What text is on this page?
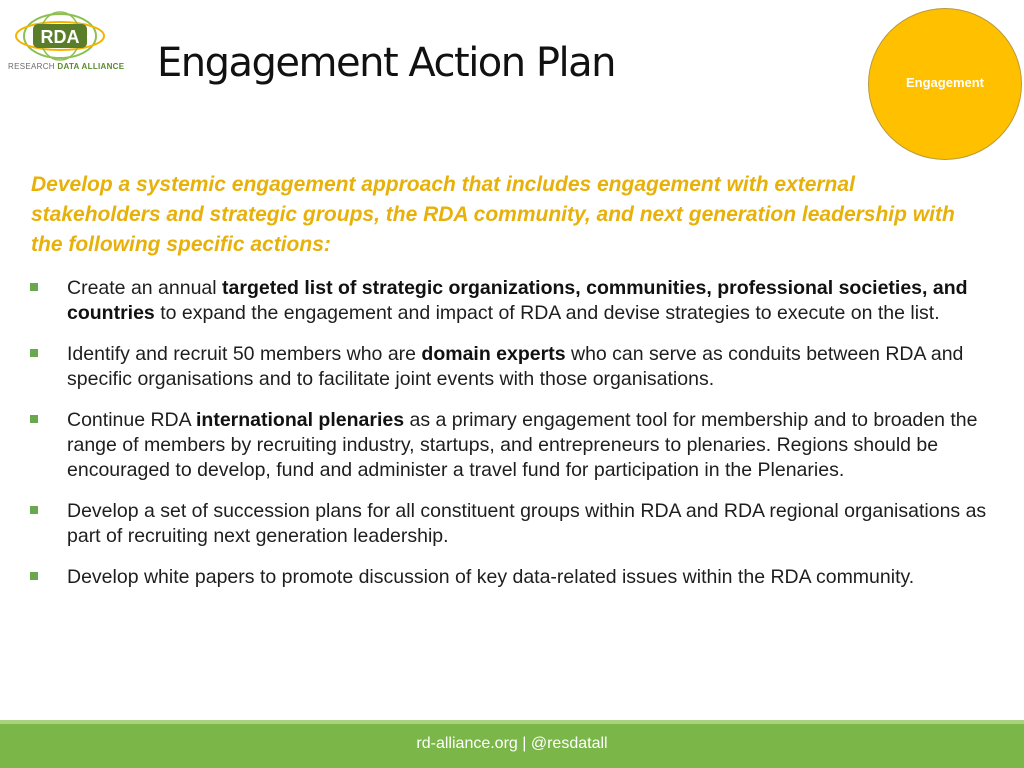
RDA
RESEARCH DATA ALLIANCE Engagement Action Plan	Engagement

Develop a systemic engagement approach that includes engagement with external stakeholders and strategic groups, the RDA community, and next generation leadership with the following specific actions:

Create an annual targeted list of strategic organizations, communities, professional societies, and countries to expand the engagement and impact of RDA and devise strategies to execute on the list.
Identify and recruit 50 members who are domain experts who can serve as conduits between RDA and specific organisations and to facilitate joint events with those organisations.
Continue RDA international plenaries as a primary engagement tool for membership and to broaden the range of members by recruiting industry, startups, and entrepreneurs to plenaries. Regions should be encouraged to develop, fund and administer a travel fund for participation in the Plenaries.
Develop a set of succession plans for all constituent groups within RDA and RDA regional organisations as part of recruiting next generation leadership.
Develop white papers to promote discussion of key data-related issues within the RDA community.
rd-alliance.org | @resdatall
